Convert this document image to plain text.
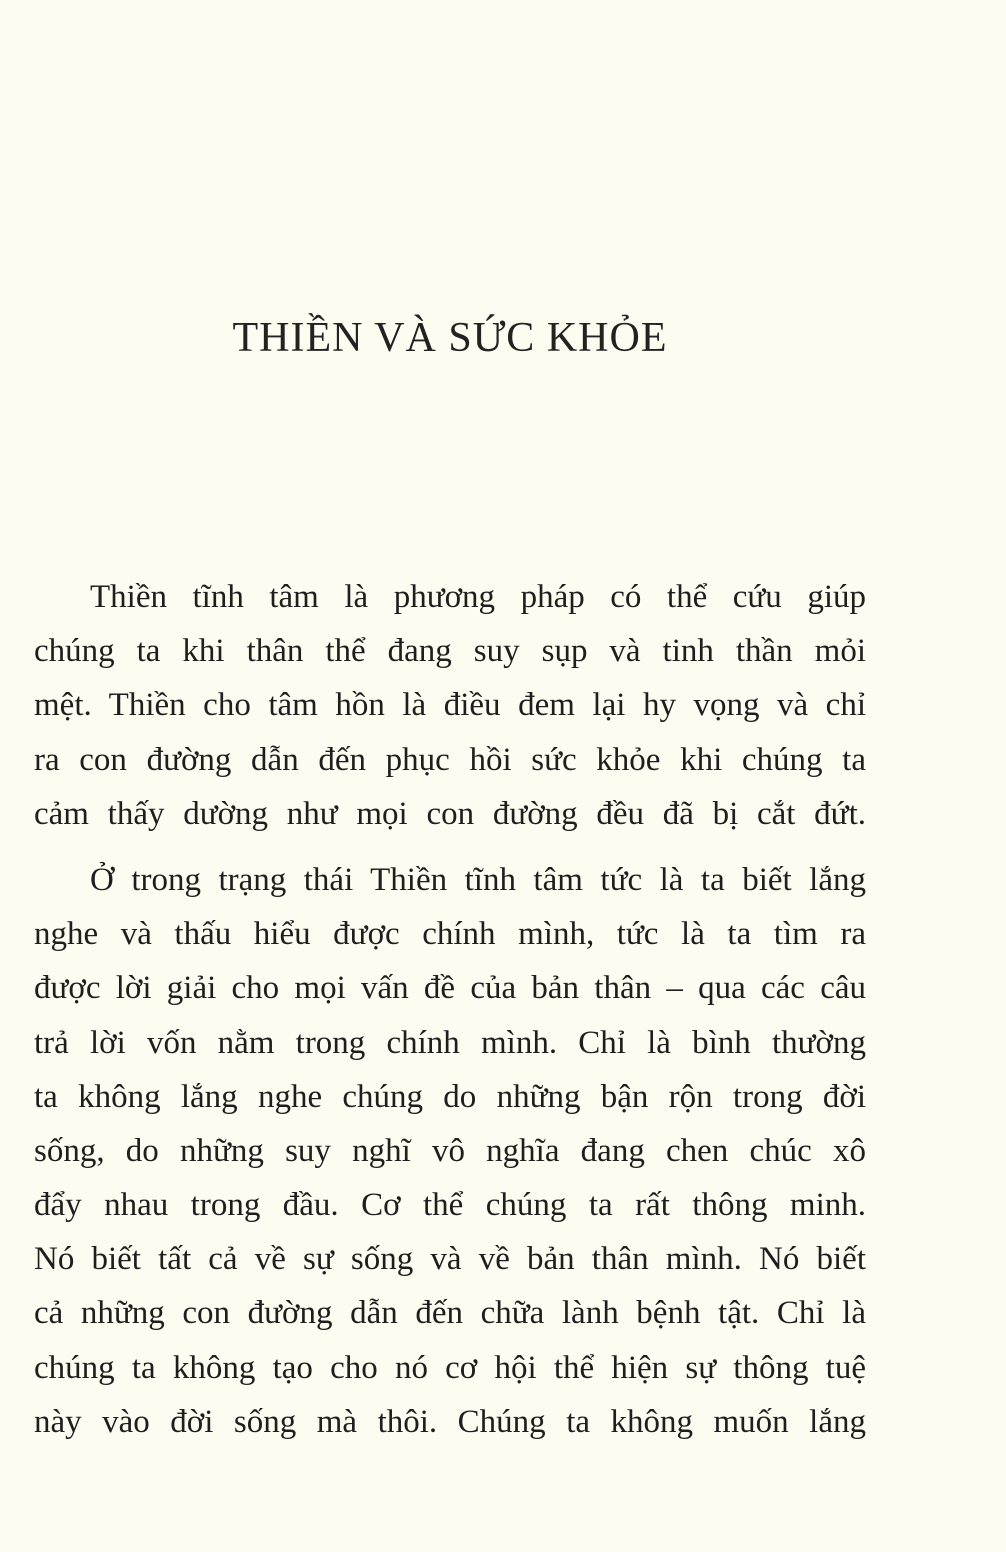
THIỀN VÀ SỨC KHỎE
Thiền tĩnh tâm là phương pháp có thể cứu giúp
chúng ta khi thân thể đang suy sụp và tinh thần mỏi
mệt. Thiền cho tâm hồn là điều đem lại hy vọng và chỉ
ra con đường dẫn đến phục hồi sức khỏe khi chúng ta
cảm thấy dường như mọi con đường đều đã bị cắt đứt.
Ở trong trạng thái Thiền tĩnh tâm tức là ta biết lắng
nghe và thấu hiểu được chính mình, tức là ta tìm ra
được lời giải cho mọi vấn đề của bản thân – qua các câu
trả lời vốn nằm trong chính mình. Chỉ là bình thường
ta không lắng nghe chúng do những bận rộn trong đời
sống, do những suy nghĩ vô nghĩa đang chen chúc xô
đẩy nhau trong đầu. Cơ thể chúng ta rất thông minh.
Nó biết tất cả về sự sống và về bản thân mình. Nó biết
cả những con đường dẫn đến chữa lành bệnh tật. Chỉ là
chúng ta không tạo cho nó cơ hội thể hiện sự thông tuệ
này vào đời sống mà thôi. Chúng ta không muốn lắng
